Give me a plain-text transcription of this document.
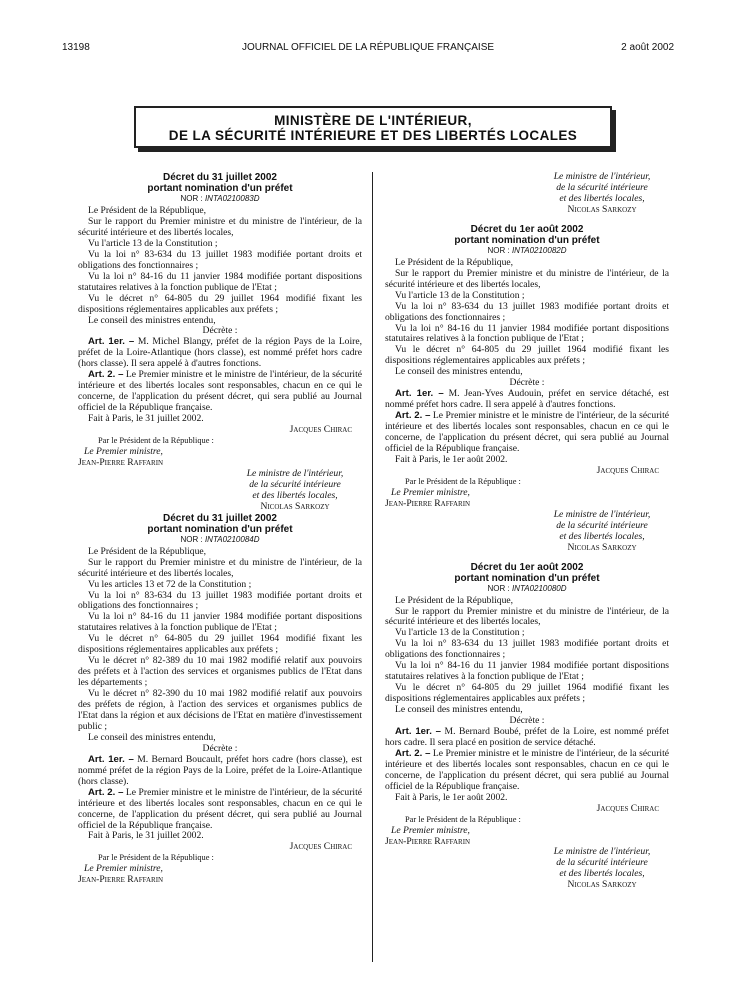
13198	JOURNAL OFFICIEL DE LA RÉPUBLIQUE FRANÇAISE	2 août 2002
MINISTÈRE DE L'INTÉRIEUR,
DE LA SÉCURITÉ INTÉRIEURE ET DES LIBERTÉS LOCALES
Décret du 31 juillet 2002
portant nomination d'un préfet
NOR : INTA0210083D

Le Président de la République,

Sur le rapport du Premier ministre et du ministre de l'intérieur, de la sécurité intérieure et des libertés locales,

Vu l'article 13 de la Constitution ;

Vu la loi n° 83-634 du 13 juillet 1983 modifiée portant droits et obligations des fonctionnaires ;

Vu la loi n° 84-16 du 11 janvier 1984 modifiée portant dispositions statutaires relatives à la fonction publique de l'Etat ;

Vu le décret n° 64-805 du 29 juillet 1964 modifié fixant les dispositions réglementaires applicables aux préfets ;

Le conseil des ministres entendu,

Décrète :

Art. 1er. – M. Michel Blangy, préfet de la région Pays de la Loire, préfet de la Loire-Atlantique (hors classe), est nommé préfet hors cadre (hors classe). Il sera appelé à d'autres fonctions.

Art. 2. – Le Premier ministre et le ministre de l'intérieur, de la sécurité intérieure et des libertés locales sont responsables, chacun en ce qui le concerne, de l'application du présent décret, qui sera publié au Journal officiel de la République française.

Fait à Paris, le 31 juillet 2002.

Jacques Chirac

Par le Président de la République :

Le Premier ministre,

Jean-Pierre Raffarin

Le ministre de l'intérieur,

de la sécurité intérieure

et des libertés locales,

Nicolas Sarkozy

Décret du 31 juillet 2002
portant nomination d'un préfet
NOR : INTA0210084D

Le Président de la République,

Sur le rapport du Premier ministre et du ministre de l'intérieur, de la sécurité intérieure et des libertés locales,

Vu les articles 13 et 72 de la Constitution ;

Vu la loi n° 83-634 du 13 juillet 1983 modifiée portant droits et obligations des fonctionnaires ;

Vu la loi n° 84-16 du 11 janvier 1984 modifiée portant dispositions statutaires relatives à la fonction publique de l'Etat ;

Vu le décret n° 64-805 du 29 juillet 1964 modifié fixant les dispositions réglementaires applicables aux préfets ;

Vu le décret n° 82-389 du 10 mai 1982 modifié relatif aux pouvoirs des préfets et à l'action des services et organismes publics de l'Etat dans les départements ;

Vu le décret n° 82-390 du 10 mai 1982 modifié relatif aux pouvoirs des préfets de région, à l'action des services et organismes publics de l'Etat dans la région et aux décisions de l'Etat en matière d'investissement public ;

Le conseil des ministres entendu,

Décrète :

Art. 1er. – M. Bernard Boucault, préfet hors cadre (hors classe), est nommé préfet de la région Pays de la Loire, préfet de la Loire-Atlantique (hors classe).

Art. 2. – Le Premier ministre et le ministre de l'intérieur, de la sécurité intérieure et des libertés locales sont responsables, chacun en ce qui le concerne, de l'application du présent décret, qui sera publié au Journal officiel de la République française.

Fait à Paris, le 31 juillet 2002.

Jacques Chirac

Par le Président de la République :

Le Premier ministre,

Jean-Pierre Raffarin

Le ministre de l'intérieur,

de la sécurité intérieure

et des libertés locales,

Nicolas Sarkozy

Décret du 1er août 2002
portant nomination d'un préfet
NOR : INTA0210082D

Le Président de la République,

Sur le rapport du Premier ministre et du ministre de l'intérieur, de la sécurité intérieure et des libertés locales,

Vu l'article 13 de la Constitution ;

Vu la loi n° 83-634 du 13 juillet 1983 modifiée portant droits et obligations des fonctionnaires ;

Vu la loi n° 84-16 du 11 janvier 1984 modifiée portant dispositions statutaires relatives à la fonction publique de l'Etat ;

Vu le décret n° 64-805 du 29 juillet 1964 modifié fixant les dispositions réglementaires applicables aux préfets ;

Le conseil des ministres entendu,

Décrète :

Art. 1er. – M. Jean-Yves Audouin, préfet en service détaché, est nommé préfet hors cadre. Il sera appelé à d'autres fonctions.

Art. 2. – Le Premier ministre et le ministre de l'intérieur, de la sécurité intérieure et des libertés locales sont responsables, chacun en ce qui le concerne, de l'application du présent décret, qui sera publié au Journal officiel de la République française.

Fait à Paris, le 1er août 2002.

Jacques Chirac

Par le Président de la République :

Le Premier ministre,

Jean-Pierre Raffarin

Le ministre de l'intérieur,

de la sécurité intérieure

et des libertés locales,

Nicolas Sarkozy

Décret du 1er août 2002
portant nomination d'un préfet
NOR : INTA0210080D

Le Président de la République,

Sur le rapport du Premier ministre et du ministre de l'intérieur, de la sécurité intérieure et des libertés locales,

Vu l'article 13 de la Constitution ;

Vu la loi n° 83-634 du 13 juillet 1983 modifiée portant droits et obligations des fonctionnaires ;

Vu la loi n° 84-16 du 11 janvier 1984 modifiée portant dispositions statutaires relatives à la fonction publique de l'Etat ;

Vu le décret n° 64-805 du 29 juillet 1964 modifié fixant les dispositions réglementaires applicables aux préfets ;

Le conseil des ministres entendu,

Décrète :

Art. 1er. – M. Bernard Boubé, préfet de la Loire, est nommé préfet hors cadre. Il sera placé en position de service détaché.

Art. 2. – Le Premier ministre et le ministre de l'intérieur, de la sécurité intérieure et des libertés locales sont responsables, chacun en ce qui le concerne, de l'application du présent décret, qui sera publié au Journal officiel de la République française.

Fait à Paris, le 1er août 2002.

Jacques Chirac

Par le Président de la République :

Le Premier ministre,

Jean-Pierre Raffarin

Le ministre de l'intérieur,

de la sécurité intérieure

et des libertés locales,

Nicolas Sarkozy
